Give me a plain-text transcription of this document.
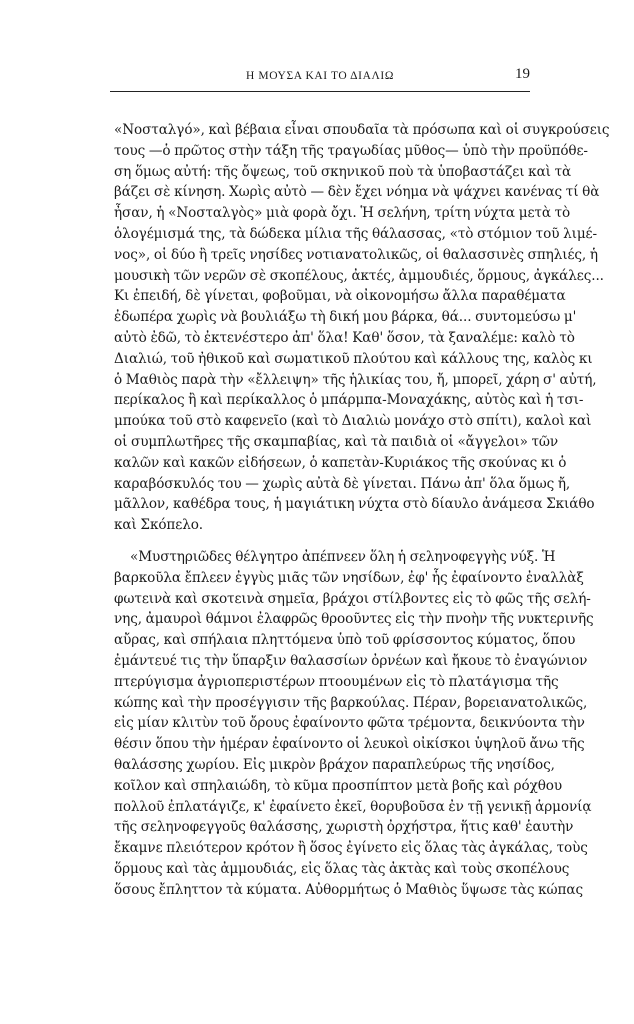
Η ΜΟΥΣΑ ΚΑΙ ΤΟ ΔΙΑΛΙΩ	19

«Νοσταλγό», καὶ βέβαια εἶναι σπουδαῖα τὰ πρόσωπα καὶ οἱ συγκρούσεις
τους —ὁ πρῶτος στὴν τάξη τῆς τραγωδίας μῦθος— ὑπὸ τὴν προϋπόθε-
ση ὅμως αὐτή: τῆς ὄψεως, τοῦ σκηνικοῦ ποὺ τὰ ὑποβαστάζει καὶ τὰ
βάζει σὲ κίνηση. Χωρὶς αὐτὸ — δὲν ἔχει νόημα νὰ ψάχνει κανένας τί θὰ
ἦσαν, ἡ «Νοσταλγὸς» μιὰ φορὰ ὄχι. Ἡ σελήνη, τρίτη νύχτα μετὰ τὸ
ὁλογέμισμά της, τὰ δώδεκα μίλια τῆς θάλασσας, «τὸ στόμιον τοῦ λιμέ-
νος», οἱ δύο ἢ τρεῖς νησίδες νοτιανατολικῶς, οἱ θαλασσινὲς σπηλιές, ἡ
μουσικὴ τῶν νερῶν σὲ σκοπέλους, ἀκτές, ἀμμουδιές, ὅρμους, ἀγκάλες...
Κι ἐπειδή, δὲ γίνεται, φοβοῦμαι, νὰ οἰκονομήσω ἄλλα παραθέματα
ἐδωπέρα χωρὶς νὰ βουλιάξω τὴ δική μου βάρκα, θά... συντομεύσω μ'
αὐτὸ ἐδῶ, τὸ ἐκτενέστερο ἀπ' ὅλα! Καθ' ὅσον, τὰ ξαναλέμε: καλὸ τὸ
Διαλιώ, τοῦ ἠθικοῦ καὶ σωματικοῦ πλούτου καὶ κάλλους της, καλὸς κι
ὁ Μαθιὸς παρὰ τὴν «ἔλλειψη» τῆς ἡλικίας του, ἤ, μπορεῖ, χάρη σ' αὐτή,
περίκαλος ἢ καὶ περίκαλλος ὁ μπάρμπα-Μοναχάκης, αὐτὸς καὶ ἡ τσι-
μπούκα τοῦ στὸ καφενεῖο (καὶ τὸ Διαλιὼ μονάχο στὸ σπίτι), καλοὶ καὶ
οἱ συμπλωτῆρες τῆς σκαμπαβίας, καὶ τὰ παιδιὰ οἱ «ἄγγελοι» τῶν
καλῶν καὶ κακῶν εἰδήσεων, ὁ καπετὰν-Κυριάκος τῆς σκούνας κι ὁ
καραβόσκυλός του — χωρὶς αὐτὰ δὲ γίνεται. Πάνω ἀπ' ὅλα ὅμως ἤ,
μᾶλλον, καθέδρα τους, ἡ μαγιάτικη νύχτα στὸ δίαυλο ἀνάμεσα Σκιάθο
καὶ Σκόπελο.

«Μυστηριῶδες θέλγητρο ἀπέπνεεν ὅλη ἡ σεληνοφεγγὴς νύξ. Ἡ
βαρκοῦλα ἔπλεεν ἐγγὺς μιᾶς τῶν νησίδων, ἐφ' ἧς ἐφαίνοντο ἐναλλὰξ
φωτεινὰ καὶ σκοτεινὰ σημεῖα, βράχοι στίλβοντες εἰς τὸ φῶς τῆς σελή-
νης, ἀμαυροὶ θάμνοι ἐλαφρῶς θροοῦντες εἰς τὴν πνοὴν τῆς νυκτερινῆς
αὔρας, καὶ σπήλαια πληττόμενα ὑπὸ τοῦ φρίσσοντος κύματος, ὅπου
ἐμάντευέ τις τὴν ὕπαρξιν θαλασσίων ὀρνέων καὶ ἤκουε τὸ ἐναγώνιον
πτερύγισμα ἀγριοπεριστέρων πτοουμένων εἰς τὸ πλατάγισμα τῆς
κώπης καὶ τὴν προσέγγισιν τῆς βαρκούλας. Πέραν, βορειανατολικῶς,
εἰς μίαν κλιτὺν τοῦ ὄρους ἐφαίνοντο φῶτα τρέμοντα, δεικνύοντα τὴν
θέσιν ὅπου τὴν ἡμέραν ἐφαίνοντο οἱ λευκοὶ οἰκίσκοι ὑψηλοῦ ἄνω τῆς
θαλάσσης χωρίου. Εἰς μικρὸν βράχον παραπλεύρως τῆς νησίδος,
κοῖλον καὶ σπηλαιώδη, τὸ κῦμα προσπίπτον μετὰ βοῆς καὶ ρόχθου
πολλοῦ ἐπλατάγιζε, κ' ἐφαίνετο ἐκεῖ, θορυβοῦσα ἐν τῇ γενικῇ ἁρμονίᾳ
τῆς σεληνοφεγγοῦς θαλάσσης, χωριστὴ ὀρχήστρα, ἥτις καθ' ἑαυτὴν
ἔκαμνε πλειότερον κρότον ἢ ὅσος ἐγίνετο εἰς ὅλας τὰς ἀγκάλας, τοὺς
ὅρμους καὶ τὰς ἀμμουδιάς, εἰς ὅλας τὰς ἀκτὰς καὶ τοὺς σκοπέλους
ὅσους ἔπληττον τὰ κύματα. Αὐθορμήτως ὁ Μαθιὸς ὕψωσε τὰς κώπας
